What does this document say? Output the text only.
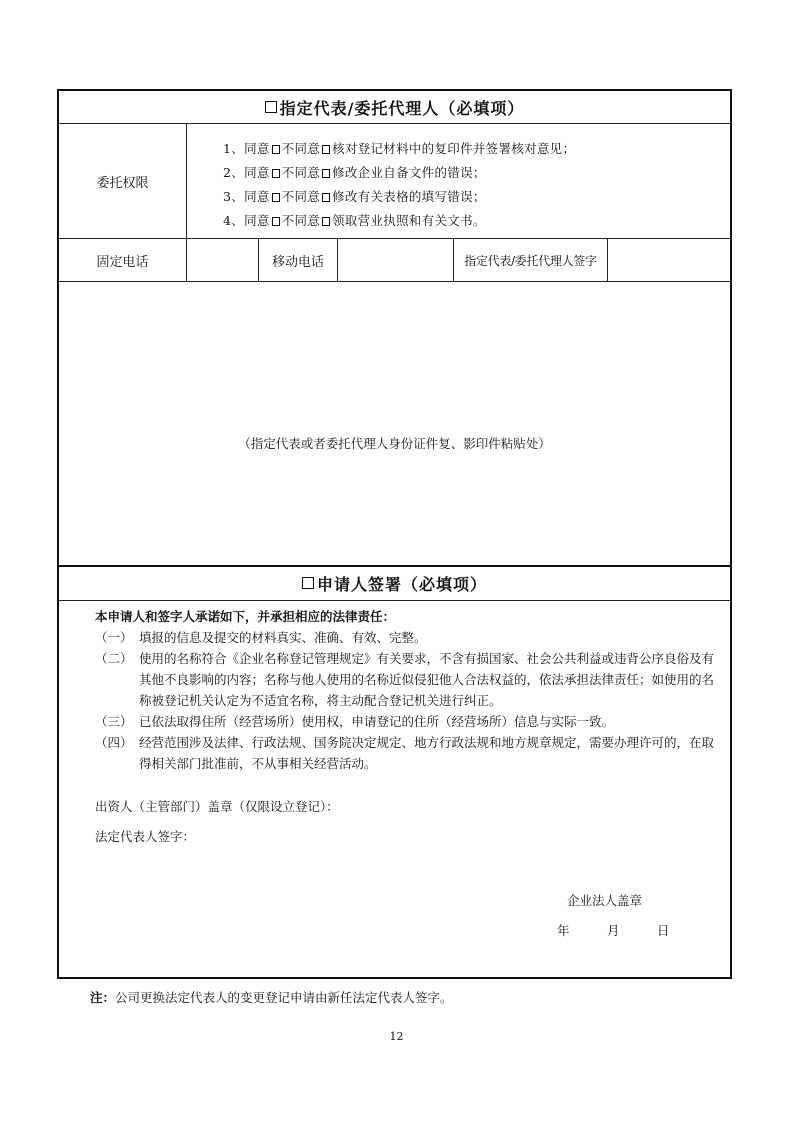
指定代表/委托代理人（必填项）
委托权限
1、同意 不同意 核对登记材料中的复印件并签署核对意见；
2、同意 不同意 修改企业自备文件的错误；
3、同意 不同意 修改有关表格的填写错误；
4、同意 不同意 领取营业执照和有关文书。
固定电话	移动电话	指定代表/委托代理人签字
（指定代表或者委托代理人身份证件复、影印件粘贴处）
申请人签署（必填项）
本申请人和签字人承诺如下，并承担相应的法律责任：
（一） 填报的信息及提交的材料真实、准确、有效、完整。
（二） 使用的名称符合《企业名称登记管理规定》有关要求，不含有损国家、社会公共利益或违背公序良俗及有其他不良影响的内容；名称与他人使用的名称近似侵犯他人合法权益的，依法承担法律责任；如使用的名称被登记机关认定为不适宜名称，将主动配合登记机关进行纠正。
（三） 已依法取得住所（经营场所）使用权，申请登记的住所（经营场所）信息与实际一致。
（四） 经营范围涉及法律、行政法规、国务院决定规定、地方行政法规和地方规章规定，需要办理许可的，在取得相关部门批准前，不从事相关经营活动。
出资人（主管部门）盖章（仅限设立登记）：
法定代表人签字：
企业法人盖章
年	月	日
注：公司更换法定代表人的变更登记申请由新任法定代表人签字。
12
